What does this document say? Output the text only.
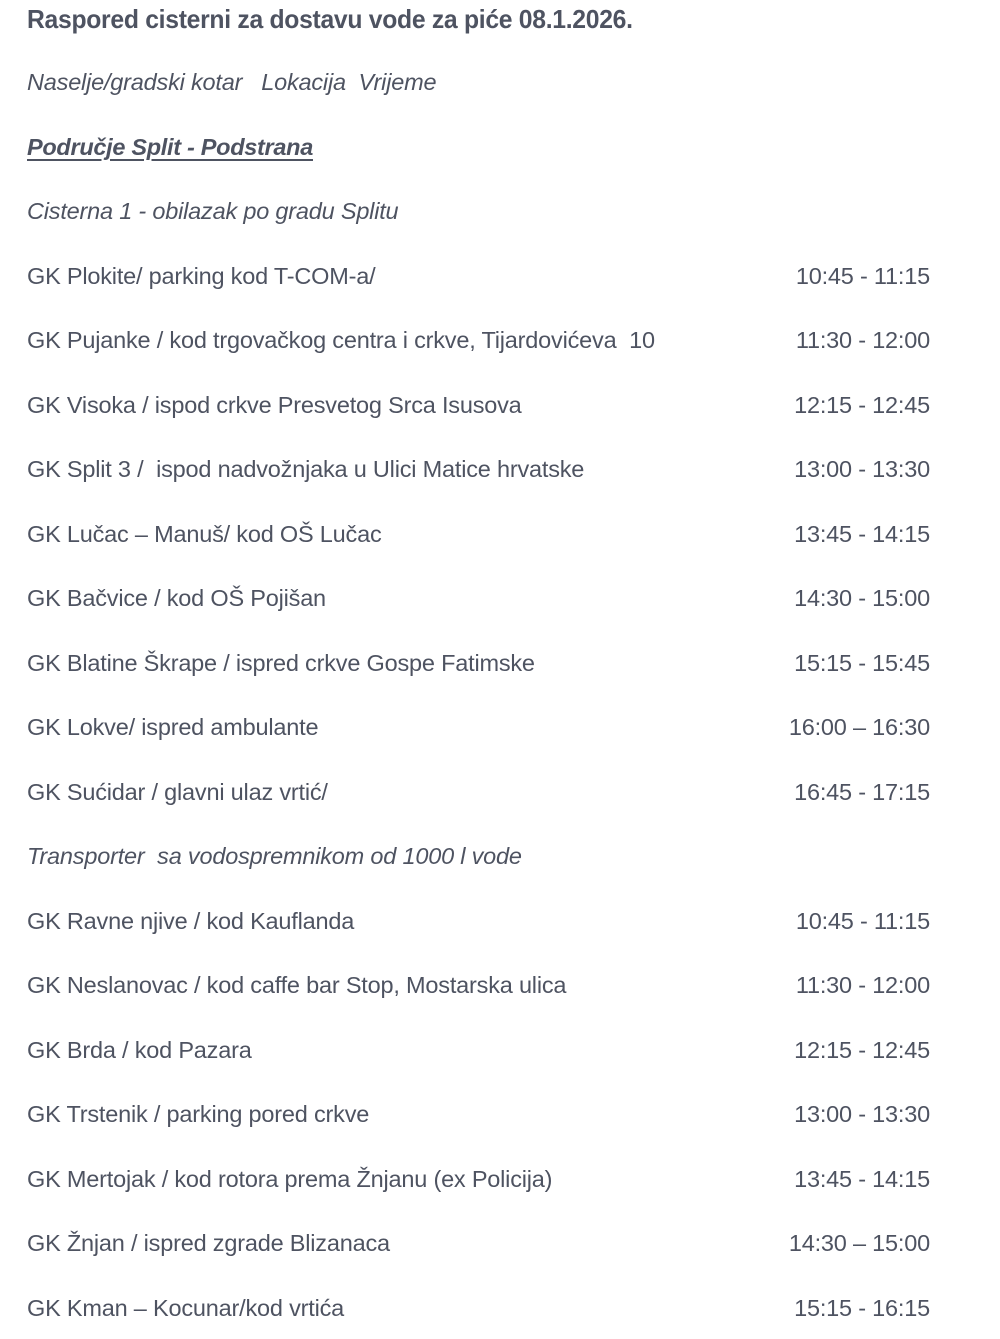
Raspored cisterni za dostavu vode za piće 08.1.2026.

Naselje/gradski kotar   Lokacija  Vrijeme

Područje Split - Podstrana

Cisterna 1 - obilazak po gradu Splitu

GK Plokite/ parking kod T-COM-a/	10:45 - 11:15
GK Pujanke / kod trgovačkog centra i crkve, Tijardovićeva  10	11:30 - 12:00
GK Visoka / ispod crkve Presvetog Srca Isusova	12:15 - 12:45
GK Split 3 /  ispod nadvožnjaka u Ulici Matice hrvatske	13:00 - 13:30
GK Lučac – Manuš/ kod OŠ Lučac	13:45 - 14:15
GK Bačvice / kod OŠ Pojišan	14:30 - 15:00
GK Blatine Škrape / ispred crkve Gospe Fatimske	15:15 - 15:45
GK Lokve/ ispred ambulante	16:00 – 16:30
GK Sućidar / glavni ulaz vrtić/	16:45 - 17:15

Transporter  sa vodospremnikom od 1000 l vode

GK Ravne njive / kod Kauflanda	10:45 - 11:15
GK Neslanovac / kod caffe bar Stop, Mostarska ulica	11:30 - 12:00
GK Brda / kod Pazara	12:15 - 12:45
GK Trstenik / parking pored crkve	13:00 - 13:30
GK Mertojak / kod rotora prema Žnjanu (ex Policija)	13:45 - 14:15
GK Žnjan / ispred zgrade Blizanaca	14:30 – 15:00
GK Kman – Kocunar/kod vrtića	15:15 - 16:15
